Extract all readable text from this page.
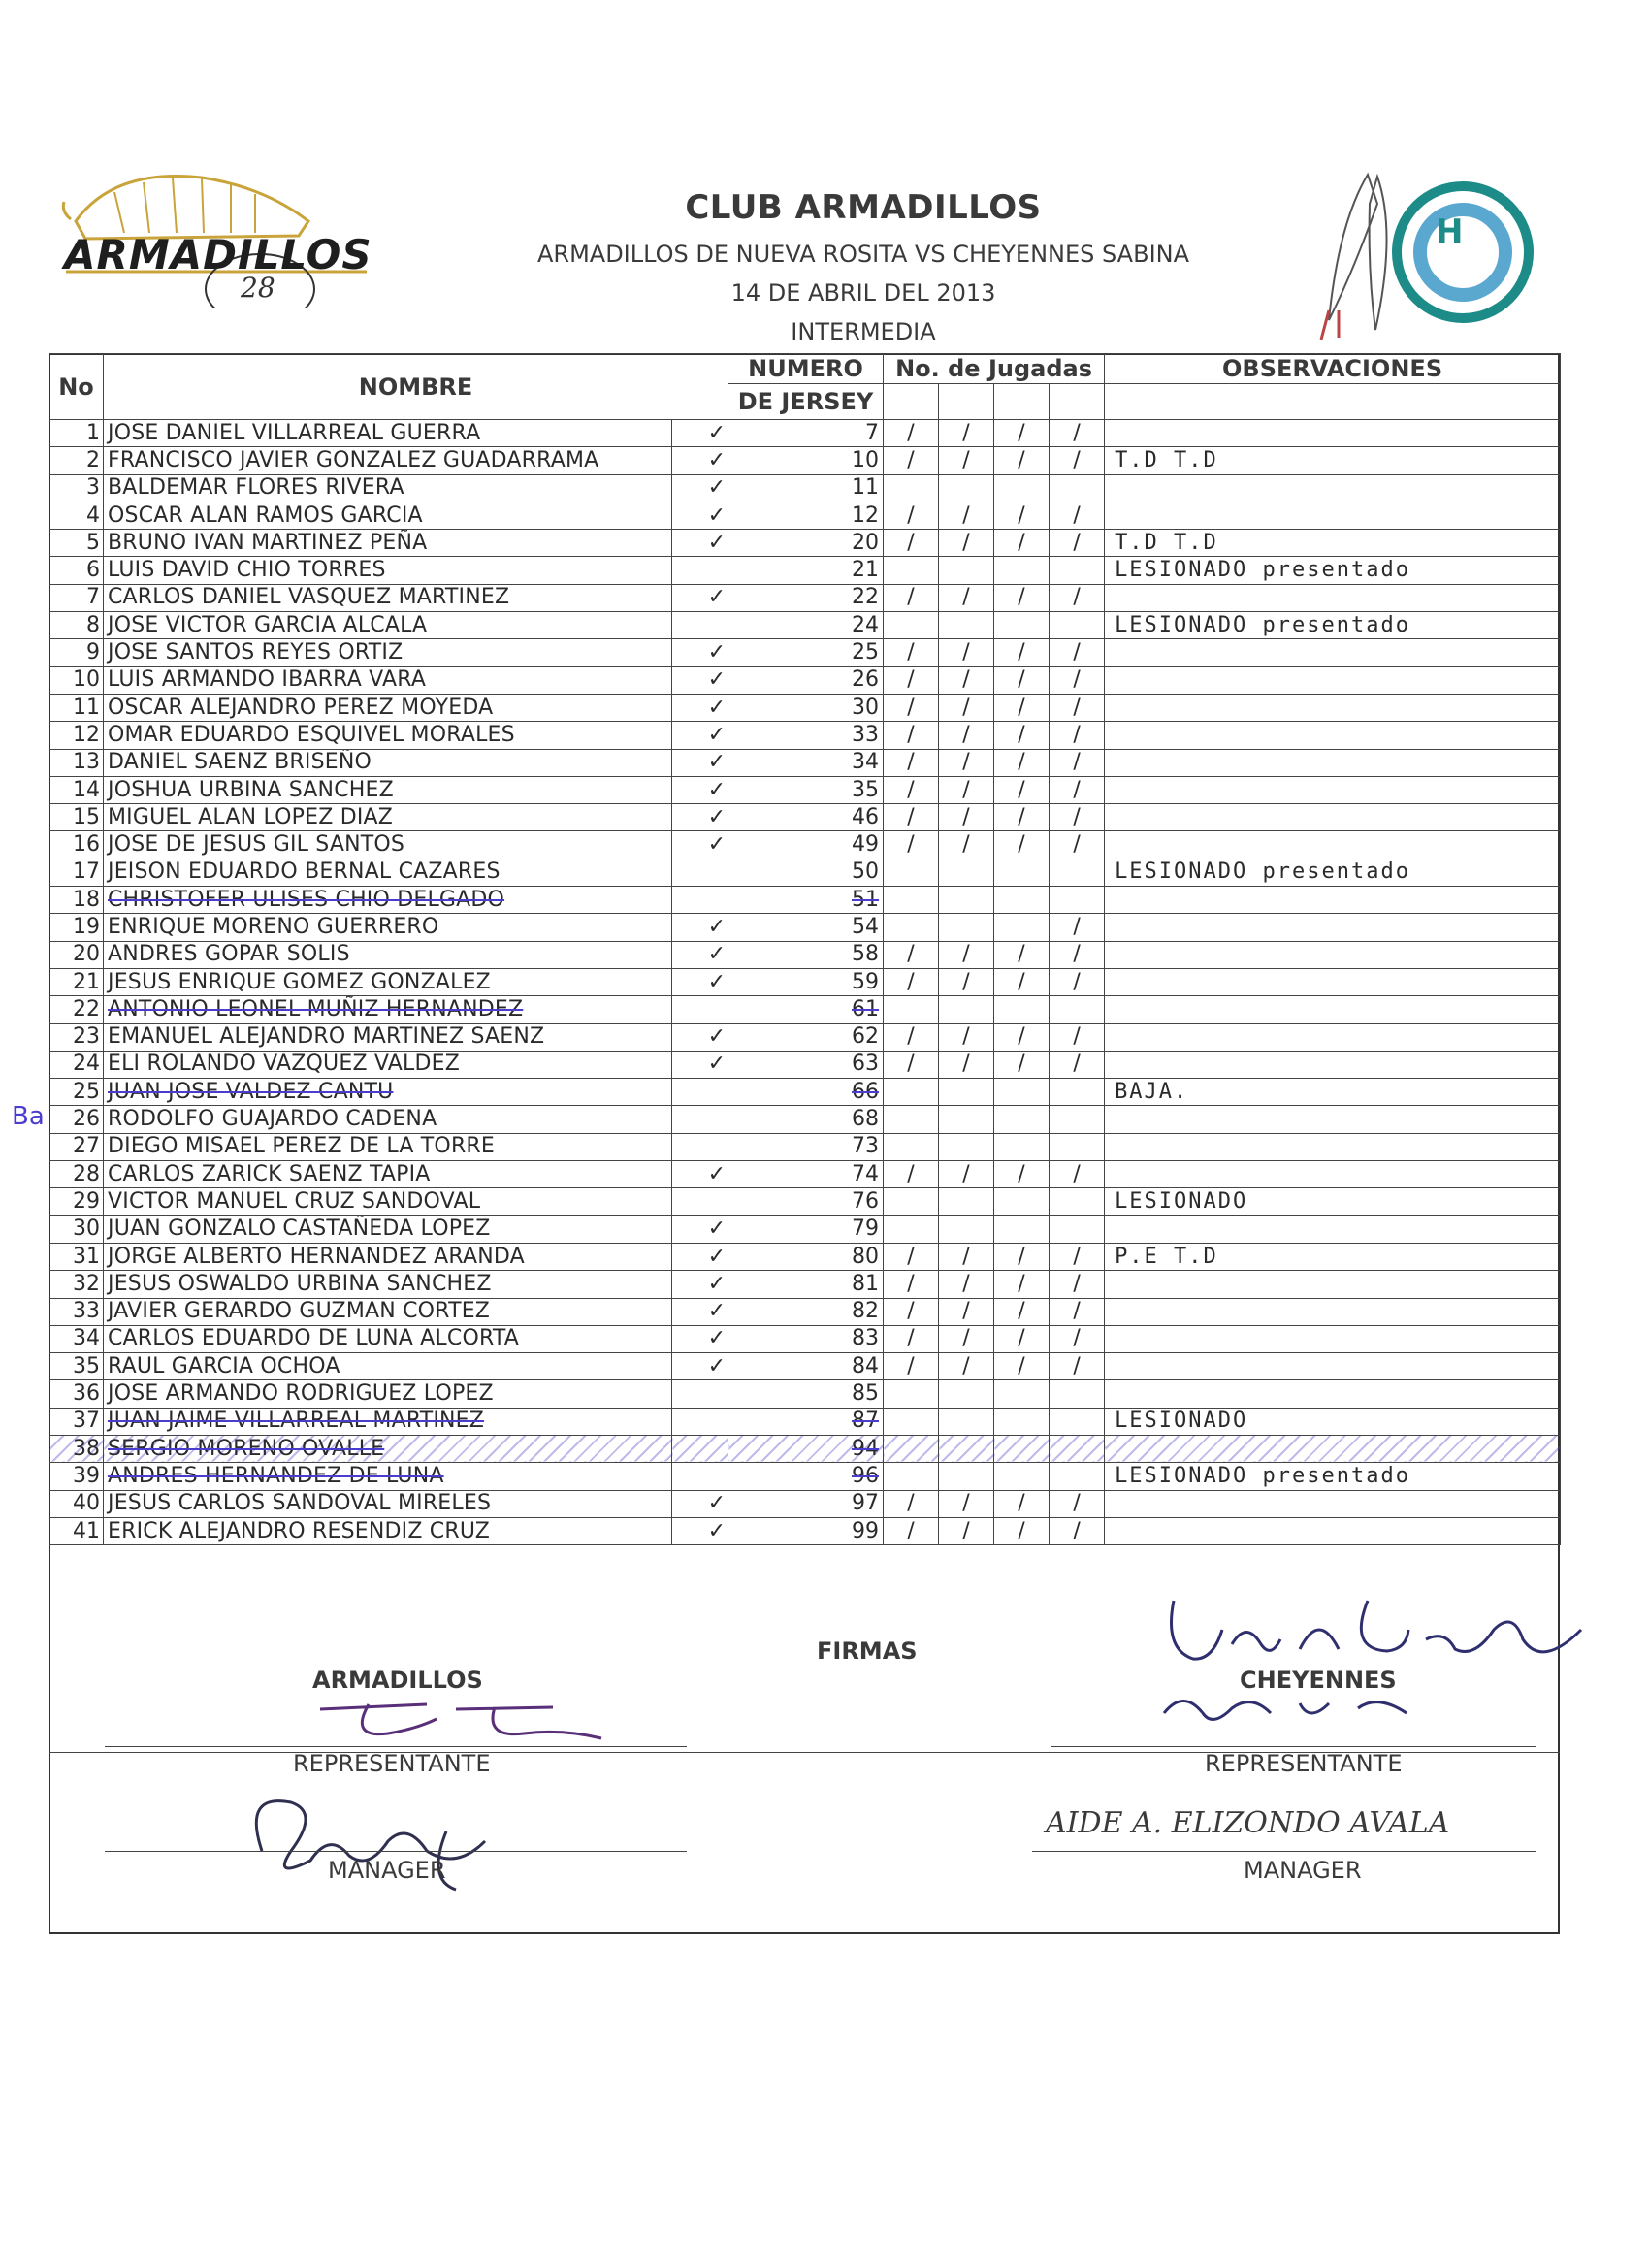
ARMADILLOS
28
H
CLUB ARMADILLOS
ARMADILLOS DE NUEVA ROSITA VS CHEYENNES SABINA
14 DE ABRIL DEL 2013
INTERMEDIA
No	NOMBRE		NUMERO	No. de Jugadas				OBSERVACIONES
			DE JERSEY					
1	JOSE DANIEL VILLARREAL GUERRA	✓	7	/	/	/	/	
2	FRANCISCO JAVIER GONZALEZ GUADARRAMA	✓	10	/	/	/	/	T.D T.D
3	BALDEMAR FLORES RIVERA	✓	11					
4	OSCAR ALAN RAMOS GARCIA	✓	12	/	/	/	/	
5	BRUNO IVAN MARTINEZ PEÑA	✓	20	/	/	/	/	T.D T.D
6	LUIS DAVID CHIO TORRES		21					LESIONADO presentado
7	CARLOS DANIEL VASQUEZ MARTINEZ	✓	22	/	/	/	/	
8	JOSE VICTOR GARCIA ALCALA		24					LESIONADO presentado
9	JOSE SANTOS REYES ORTIZ	✓	25	/	/	/	/	
10	LUIS ARMANDO IBARRA VARA	✓	26	/	/	/	/	
11	OSCAR ALEJANDRO PEREZ MOYEDA	✓	30	/	/	/	/	
12	OMAR EDUARDO ESQUIVEL MORALES	✓	33	/	/	/	/	
13	DANIEL SAENZ BRISEÑO	✓	34	/	/	/	/	
14	JOSHUA URBINA SANCHEZ	✓	35	/	/	/	/	
15	MIGUEL ALAN LOPEZ DIAZ	✓	46	/	/	/	/	
16	JOSE DE JESUS GIL SANTOS	✓	49	/	/	/	/	
17	JEISON EDUARDO BERNAL CAZARES		50					LESIONADO presentado
18	CHRISTOFER ULISES CHIO DELGADO		51					
19	ENRIQUE MORENO GUERRERO	✓	54				/	
20	ANDRES GOPAR SOLIS	✓	58	/	/	/	/	
21	JESUS ENRIQUE GOMEZ GONZALEZ	✓	59	/	/	/	/	
22	ANTONIO LEONEL MUÑIZ HERNANDEZ		61					
23	EMANUEL ALEJANDRO MARTINEZ SAENZ	✓	62	/	/	/	/	
24	ELI ROLANDO VAZQUEZ VALDEZ	✓	63	/	/	/	/	
25	JUAN JOSE VALDEZ CANTU		66					BAJA.
26	RODOLFO GUAJARDO CADENA		68					
27	DIEGO MISAEL PEREZ DE LA TORRE		73					
28	CARLOS ZARICK SAENZ TAPIA	✓	74	/	/	/	/	
29	VICTOR MANUEL CRUZ SANDOVAL		76					LESIONADO
30	JUAN GONZALO CASTAÑEDA LOPEZ	✓	79					
31	JORGE ALBERTO HERNANDEZ ARANDA	✓	80	/	/	/	/	P.E T.D
32	JESUS OSWALDO URBINA SANCHEZ	✓	81	/	/	/	/	
33	JAVIER GERARDO GUZMAN CORTEZ	✓	82	/	/	/	/	
34	CARLOS EDUARDO DE LUNA ALCORTA	✓	83	/	/	/	/	
35	RAUL GARCIA OCHOA	✓	84	/	/	/	/	
36	JOSE ARMANDO RODRIGUEZ LOPEZ		85					
37	JUAN JAIME VILLARREAL MARTINEZ		87					LESIONADO
38	SERGIO MORENO OVALLE		94					
39	ANDRES HERNANDEZ DE LUNA		96					LESIONADO presentado
40	JESUS CARLOS SANDOVAL MIRELES	✓	97	/	/	/	/	
41	ERICK ALEJANDRO RESENDIZ CRUZ	✓	99	/	/	/	/	
Ba
FIRMAS
ARMADILLOS	CHEYENNES
REPRESENTANTE	REPRESENTANTE
AIDE A. ELIZONDO AVALA
MANAGER	MANAGER
